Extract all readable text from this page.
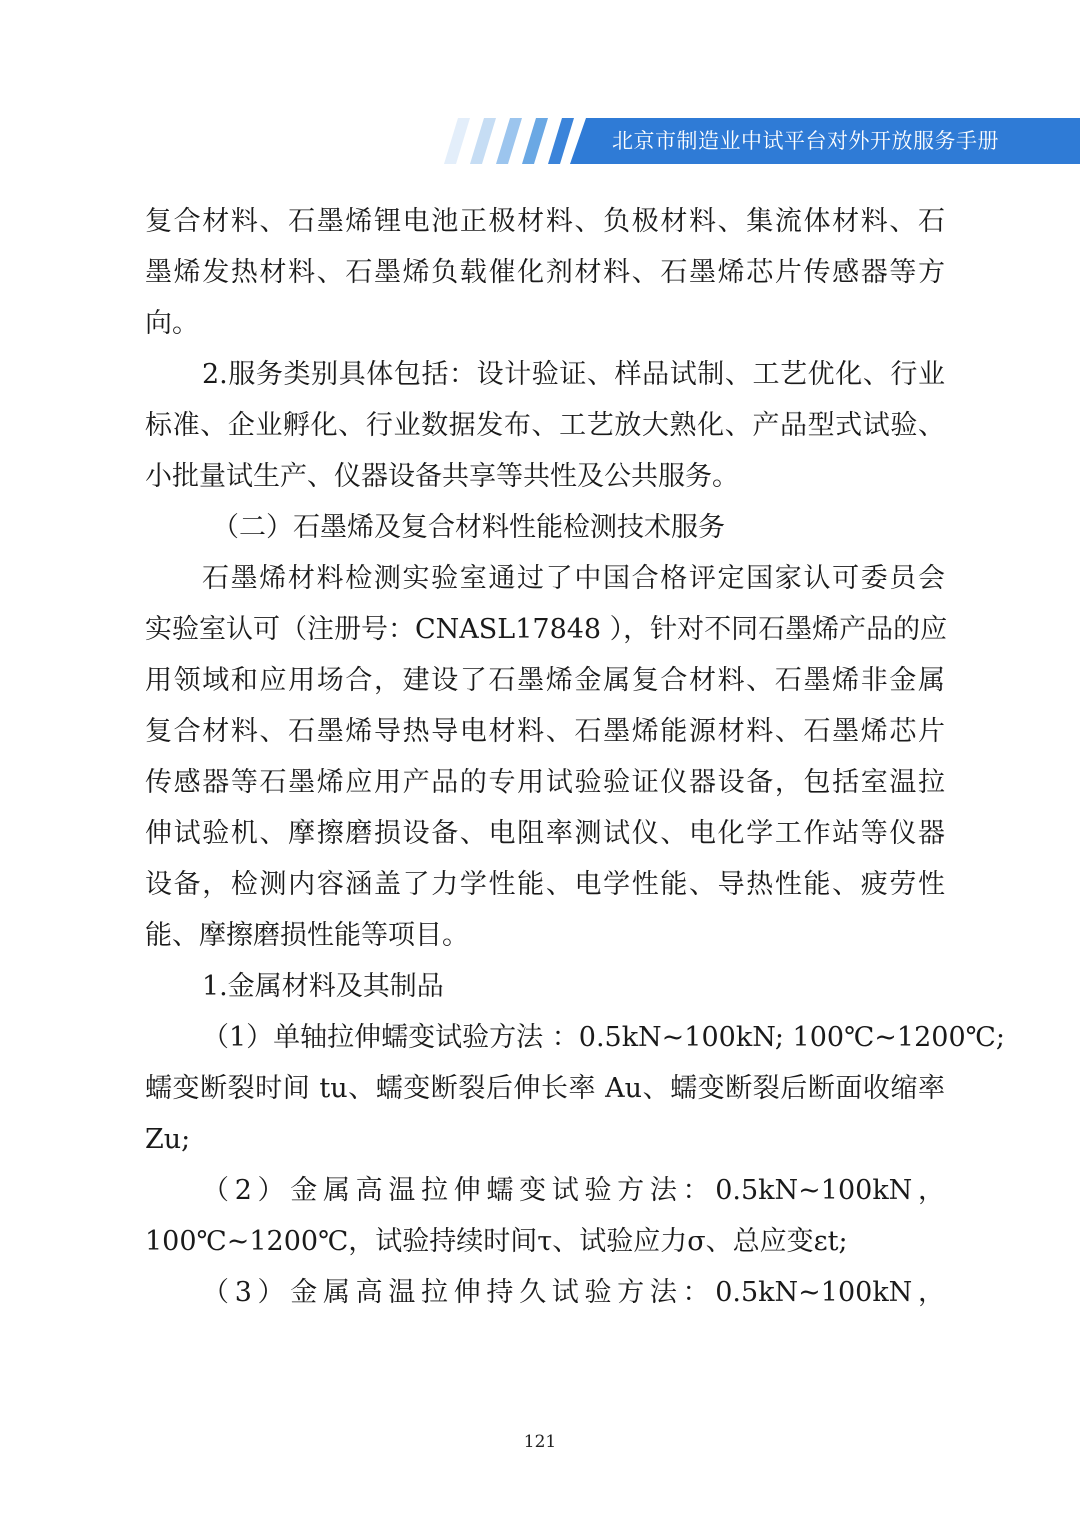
北京市制造业中试平台对外开放服务手册
复合材料、石墨烯锂电池正极材料、负极材料、集流体材料、石
墨烯发热材料、石墨烯负载催化剂材料、石墨烯芯片传感器等方
向。
2.服务类别具体包括：设计验证、样品试制、工艺优化、行业
标准、企业孵化、行业数据发布、工艺放大熟化、产品型式试验、
小批量试生产、仪器设备共享等共性及公共服务。
（二）石墨烯及复合材料性能检测技术服务
石墨烯材料检测实验室通过了中国合格评定国家认可委员会
实验室认可（注册号：CNASL17848 ），针对不同石墨烯产品的应
用领域和应用场合，建设了石墨烯金属复合材料、石墨烯非金属
复合材料、石墨烯导热导电材料、石墨烯能源材料、石墨烯芯片
传感器等石墨烯应用产品的专用试验验证仪器设备，包括室温拉
伸试验机、摩擦磨损设备、电阻率测试仪、电化学工作站等仪器
设备，检测内容涵盖了力学性能、电学性能、导热性能、疲劳性
能、摩擦磨损性能等项目。
1.金属材料及其制品
（1）单轴拉伸蠕变试验方法 ：0.5kN~100kN; 100℃~1200℃;
蠕变断裂时间 tu、蠕变断裂后伸长率 Au、蠕变断裂后断面收缩率
Zu;
（2）金属高温拉伸蠕变试验方法：0.5kN~100kN，
100℃~1200℃，试验持续时间τ、试验应力σ、总应变εt;
（3）金属高温拉伸持久试验方法：0.5kN~100kN，
121
